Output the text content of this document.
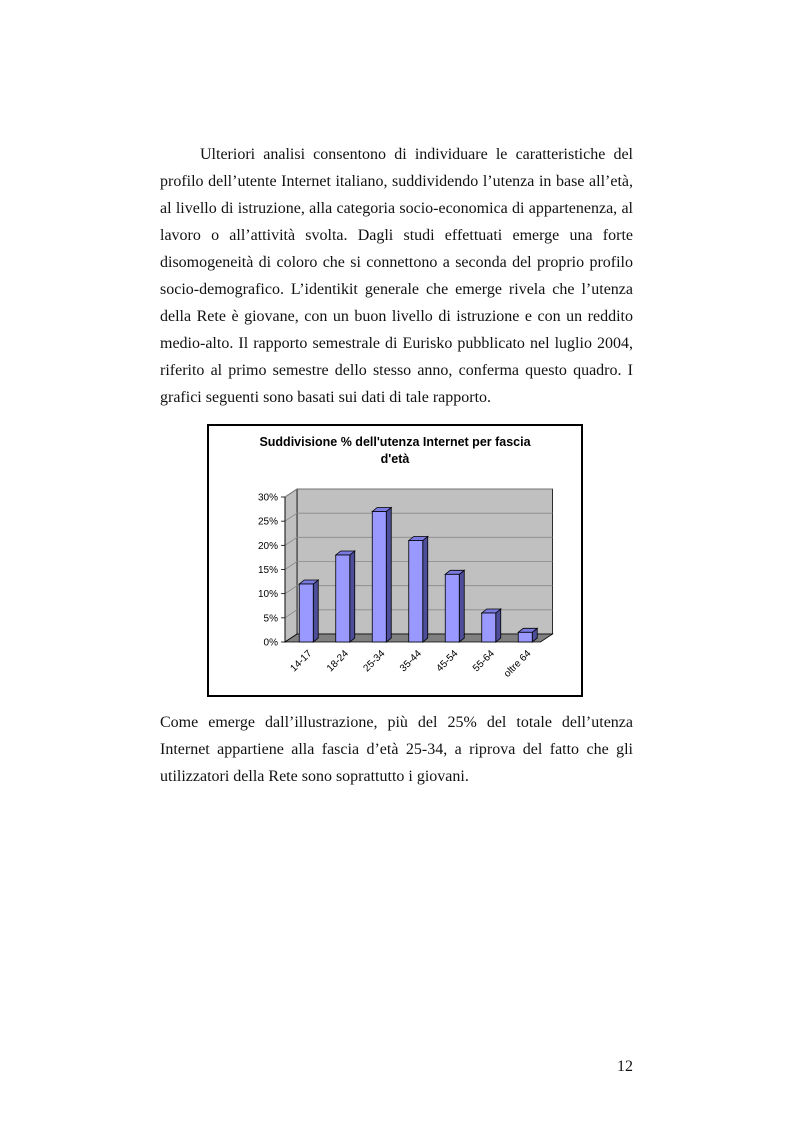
Ulteriori analisi consentono di individuare le caratteristiche del profilo dell’utente Internet italiano, suddividendo l’utenza in base all’età, al livello di istruzione, alla categoria socio-economica di appartenenza, al lavoro o all’attività svolta. Dagli studi effettuati emerge una forte disomogeneità di coloro che si connettono a seconda del proprio profilo socio-demografico. L’identikit generale che emerge rivela che l’utenza della Rete è giovane, con un buon livello di istruzione e con un reddito medio-alto. Il rapporto semestrale di Eurisko pubblicato nel luglio 2004, riferito al primo semestre dello stesso anno, conferma questo quadro. I grafici seguenti sono basati sui dati di tale rapporto.

Suddivisione % dell'utenza Internet per fascia
d'età
0%
5%
10%
15%
20%
25%
30%
14-17 18-24 25-34 35-44 45-54 55-64 oltre 64

Come emerge dall’illustrazione, più del 25% del totale dell’utenza Internet appartiene alla fascia d’età 25-34, a riprova del fatto che gli utilizzatori della Rete sono soprattutto i giovani.

12
